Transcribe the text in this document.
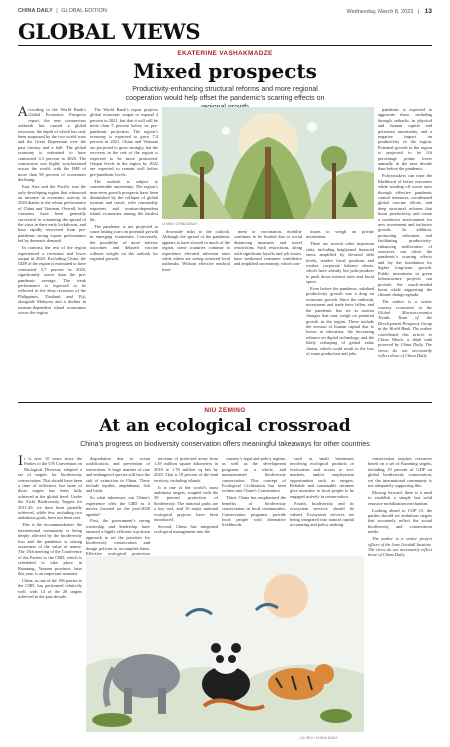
CHINA DAILY | GLOBAL EDITION	Wednesday, March 8, 2023 | 13
GLOBAL VIEWS
EKATERINE VASHAKMADZE
Mixed prospects
Productivity-enhancing structural reforms and more regional cooperation would help offset the pandemic’s scarring effects on

According to the World Bank’s Global Economic Prospects report, the new coronavirus outbreak has caused a global recession, the depth of which has only been surpassed by the two world wars and the Great Depression over the past century and a half. The global economy is estimated to have contracted 4.3 percent in 2020. The contraction was highly synchronized across the world, with the IMF of more than 90 percent of economies declining.

East Asia and the Pacific was the only developing region that witnessed an increase in economic activity in 2020 thanks to the robust performance of China and Vietnam. Overall, both countries have been generally successful in containing the spread of the virus in their early lockdowns, and have rapidly recovered from pre-pandemic strong export performance led by domestic demand.

In contrast, the rest of the region experienced a recession and lower output in 2020. Excluding China, the GDP of the region is estimated to have contracted 3.7 percent in 2020, significantly worse than the pre-pandemic average. The weak performance is expected to be reflected in the deep recession of the Philippines, Thailand and Fiji, alongside Malaysia and a decline in tourism-dependent island economies across the region.

The World Bank’s report projects global economic output to expand 4 percent in 2021, but that it will still be more than 5 percent below its pre-pandemic projection. The region’s economy is expected to grow 7.4 percent in 2021. China and Vietnam are projected to grow strongly, but the recovery in the rest of the region is expected to be more protracted. Output levels in the region by 2022 are expected to remain well below pre-pandemic levels.

The outlook is subject to considerable uncertainty. The region’s near-term growth prospects have been diminished by the collapse of global tourism and travel, with commodity exporters and tourism-dependent island economies among the hardest hit.

The pandemic is not projected to cause lasting scars on potential growth in emerging economies. Conversely, the possibility of more adverse outcomes and delayed vaccine rollouts weighs on the outlook for regional growth.

LI MIN / CHINA DAILY

downside risks to the outlook. Although the spread of the pandemic appears to have slowed in much of the region, some countries continue to experience elevated infection rates while others are seeing renewed local outbreaks. Without effective medical treat-

ment or vaccination, mobility continues to be limited due to social distancing measures and travel restrictions. Such restrictions, along with significant layoffs and job losses, have weakened consumer confidence and amplified uncertainty, which con-

tinues to weigh on private investment.

There are several other important risks, including heightened financial stress amplified by elevated debt levels, weaker fiscal positions and weaker corporate balance sheets, which have already led policymakers to push down interest rates and fiscal space.

Even before the pandemic, subdued productivity growth was a drag on economic growth. Since the outbreak, investment and trade have fallen, and the pandemic has set in motion changes that may weigh on potential growth in the region. These include the erosion of human capital due to losses in education, the increasing reliance on digital technology, and the likely reshaping of global value chains, which could result in the loss of some production and jobs.

pandemic is expected to aggravate these, including through setbacks in physical and human capital and persistent uncertainty, and a negative impact on productivity in the region. Potential growth in the region is projected to be 0.6 percentage points lower annually in the next decade than before the pandemic.

Policymakers can raise the likelihood of better outcomes while warding off worse ones through effective pandemic control measures, coordinated global vaccine efforts, and deep structural reforms that boost productivity and create a conducive environment for new investment and inclusive growth. In addition, promoting education and facilitating productivity-enhancing reallocation of resources can offset the pandemic’s scarring effects and lay the foundation for higher long-term growth. Public investment in green infrastructure projects can provide the much-needed boost while supporting the climate change agenda.

The author is a senior country economist in the Global Macroeconomics Trends Team of the Development Prospects Group at the World Bank. The author contributed this article to China Watch, a think tank powered by China Daily. The views do not necessarily reflect those of China Daily.

NIU ZEMING
At an ecological crossroad
China’s progress on biodiversity conservation offers meaningful takeaways for other countries

It is now 10 years since the Parties to the UN Convention on Biological Diversity adopted a set of targets for biodiversity conservation. This should have been a time of reflection, but none of those targets has been fully achieved at the global level. Under the Aichi Biodiversity Targets for 2011-20, we have been partially achieved, while few, including two ambitious goals, have not been met.

This is the recommendation: the international community is being deeply affected by the biodiversity loss and the pandemic is raising awareness of the value of nature. The 15th meeting of the Conference of the Parties to the CBD, which is scheduled to take place in Kunming, Yunnan province, later this year, is an important moment.

China, as one of the 196 parties to the CBD, has performed relatively well, with 14 of the 20 targets achieved in the past decade.

degradation due to ocean acidification, and prevention of extinctions. A large number of rare and endangered species still face the risk of extinction in China. These include reptiles, amphibians, fish and birds.

So what takeaways can China’s experience offer the CBD as it moves forward on the post-2020 agenda?

First, the government’s strong ownership and leadership have ensured a highly efficient top-down approach to set the priorities for biodiversity conservation and design policies to accomplish them. Effective ecological protection

increase of protected areas from 1.49 million square kilometers in 2010 to 1.76 million sq km by 2020. That is 18 percent of the land territory, including islands.

It is one of the world’s most ambitious targets, coupled with the 30 percent protection of biodiversity. The national parks are a key tool, and 10 major national ecological projects have been introduced.

Second, China has integrated ecological management into the

country’s legal and policy regime, as well as the development programs as a whole, and mainstreamed biodiversity conservation. This concept of Ecological Civilization has been written into China’s Constitution.

Third, China has emphasized the benefits of biodiversity conservation in local communities. Conservation programs provide local people with alternative livelihoods

such as small businesses involving ecological products or ecotourism and access to eco-markets, and/or employment opportunities such as rangers. Reliable and sustainable incomes give incentive to local people to be engaged actively in conservation.

Fourth, biodiversity and its ecosystem services should be valued. Ecosystem services are being integrated into natural capital accounting and policy making.

conservation requires resources based on a set of Kunming targets, including 10 percent of GDP on global biodiversity conservation, yet the international community is not adequately supporting this.

Moving forward, there is a need to establish a simple but solid resource mobilization mechanism.

Looking ahead to COP 15, the parties should set ambitious targets that accurately reflect the actual biodiversity and conservation needs.

The author is a senior project officer of the Jane Goodall Institute. The views do not necessarily reflect those of China Daily.

LIU RUI / CHINA DAILY
